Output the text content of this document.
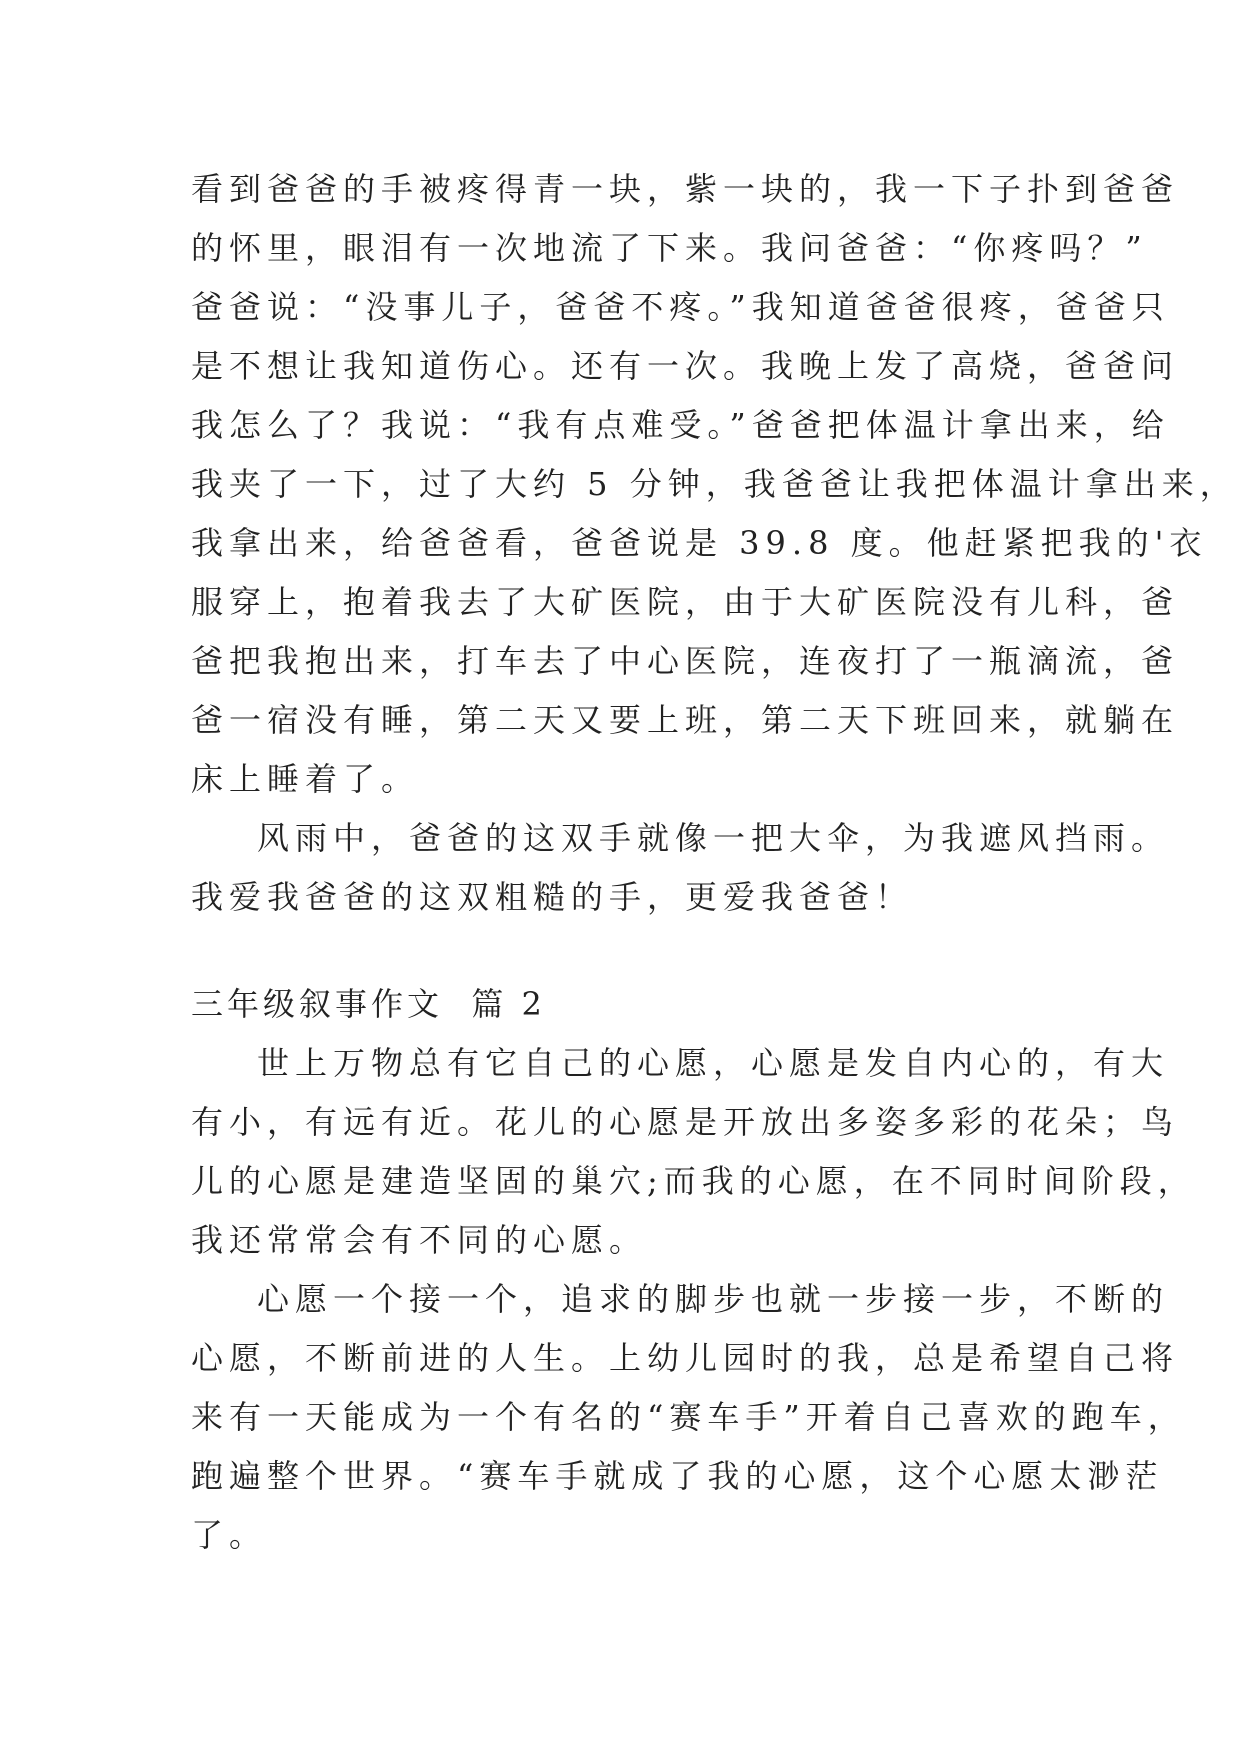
看到爸爸的手被疼得青一块，紫一块的，我一下子扑到爸爸
的怀里，眼泪有一次地流了下来。我问爸爸：“你疼吗？”
爸爸说：“没事儿子，爸爸不疼。”我知道爸爸很疼，爸爸只
是不想让我知道伤心。还有一次。我晚上发了高烧，爸爸问
我怎么了？我说：“我有点难受。”爸爸把体温计拿出来，给
我夹了一下，过了大约 5 分钟，我爸爸让我把体温计拿出来，
我拿出来，给爸爸看，爸爸说是 39.8 度。他赶紧把我的'衣
服穿上，抱着我去了大矿医院，由于大矿医院没有儿科，爸
爸把我抱出来，打车去了中心医院，连夜打了一瓶滴流，爸
爸一宿没有睡，第二天又要上班，第二天下班回来，就躺在
床上睡着了。
风雨中，爸爸的这双手就像一把大伞，为我遮风挡雨。
我爱我爸爸的这双粗糙的手，更爱我爸爸！
三年级叙事作文  篇 2
世上万物总有它自己的心愿，心愿是发自内心的，有大
有小，有远有近。花儿的心愿是开放出多姿多彩的花朵；鸟
儿的心愿是建造坚固的巢穴;而我的心愿，在不同时间阶段，
我还常常会有不同的心愿。
心愿一个接一个，追求的脚步也就一步接一步，不断的
心愿，不断前进的人生。上幼儿园时的我，总是希望自己将
来有一天能成为一个有名的“赛车手”开着自己喜欢的跑车，
跑遍整个世界。“赛车手就成了我的心愿，这个心愿太渺茫
了。
